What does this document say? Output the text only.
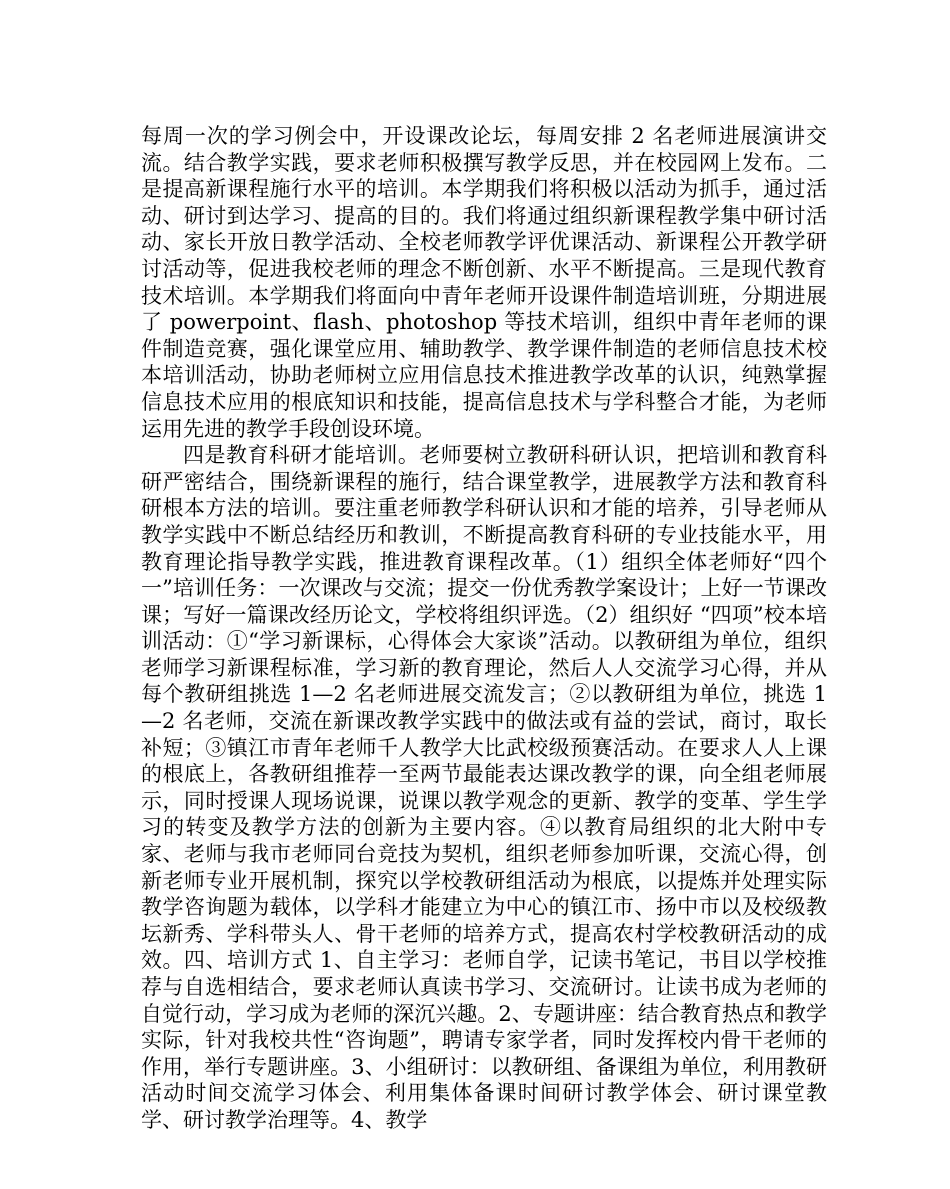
每周一次的学习例会中，开设课改论坛，每周安排 2 名老师进展演讲交流。结合教学实践，要求老师积极撰写教学反思，并在校园网上发布。二是提高新课程施行水平的培训。本学期我们将积极以活动为抓手，通过活动、研讨到达学习、提高的目的。我们将通过组织新课程教学集中研讨活动、家长开放日教学活动、全校老师教学评优课活动、新课程公开教学研讨活动等，促进我校老师的理念不断创新、水平不断提高。三是现代教育技术培训。本学期我们将面向中青年老师开设课件制造培训班，分期进展了 powerpoint、flash、photoshop 等技术培训，组织中青年老师的课件制造竞赛，强化课堂应用、辅助教学、教学课件制造的老师信息技术校本培训活动，协助老师树立应用信息技术推进教学改革的认识，纯熟掌握信息技术应用的根底知识和技能，提高信息技术与学科整合才能，为老师运用先进的教学手段创设环境。

四是教育科研才能培训。老师要树立教研科研认识，把培训和教育科研严密结合，围绕新课程的施行，结合课堂教学，进展教学方法和教育科研根本方法的培训。要注重老师教学科研认识和才能的培养，引导老师从教学实践中不断总结经历和教训，不断提高教育科研的专业技能水平，用教育理论指导教学实践，推进教育课程改革。（1）组织全体老师好“四个一”培训任务：一次课改与交流；提交一份优秀教学案设计；上好一节课改课；写好一篇课改经历论文，学校将组织评选。（2）组织好 “四项”校本培训活动：①“学习新课标，心得体会大家谈”活动。以教研组为单位，组织老师学习新课程标准，学习新的教育理论，然后人人交流学习心得，并从每个教研组挑选 1—2 名老师进展交流发言；②以教研组为单位，挑选 1—2 名老师，交流在新课改教学实践中的做法或有益的尝试，商讨，取长补短；③镇江市青年老师千人教学大比武校级预赛活动。在要求人人上课的根底上，各教研组推荐一至两节最能表达课改教学的课，向全组老师展示，同时授课人现场说课，说课以教学观念的更新、教学的变革、学生学习的转变及教学方法的创新为主要内容。④以教育局组织的北大附中专家、老师与我市老师同台竞技为契机，组织老师参加听课，交流心得，创新老师专业开展机制，探究以学校教研组活动为根底，以提炼并处理实际教学咨询题为载体，以学科才能建立为中心的镇江市、扬中市以及校级教坛新秀、学科带头人、骨干老师的培养方式，提高农村学校教研活动的成效。四、培训方式 1、自主学习：老师自学，记读书笔记，书目以学校推荐与自选相结合，要求老师认真读书学习、交流研讨。让读书成为老师的自觉行动，学习成为老师的深沉兴趣。2、专题讲座：结合教育热点和教学实际，针对我校共性“咨询题”，聘请专家学者，同时发挥校内骨干老师的作用，举行专题讲座。3、小组研讨：以教研组、备课组为单位，利用教研活动时间交流学习体会、利用集体备课时间研讨教学体会、研讨课堂教学、研讨教学治理等。4、教学
